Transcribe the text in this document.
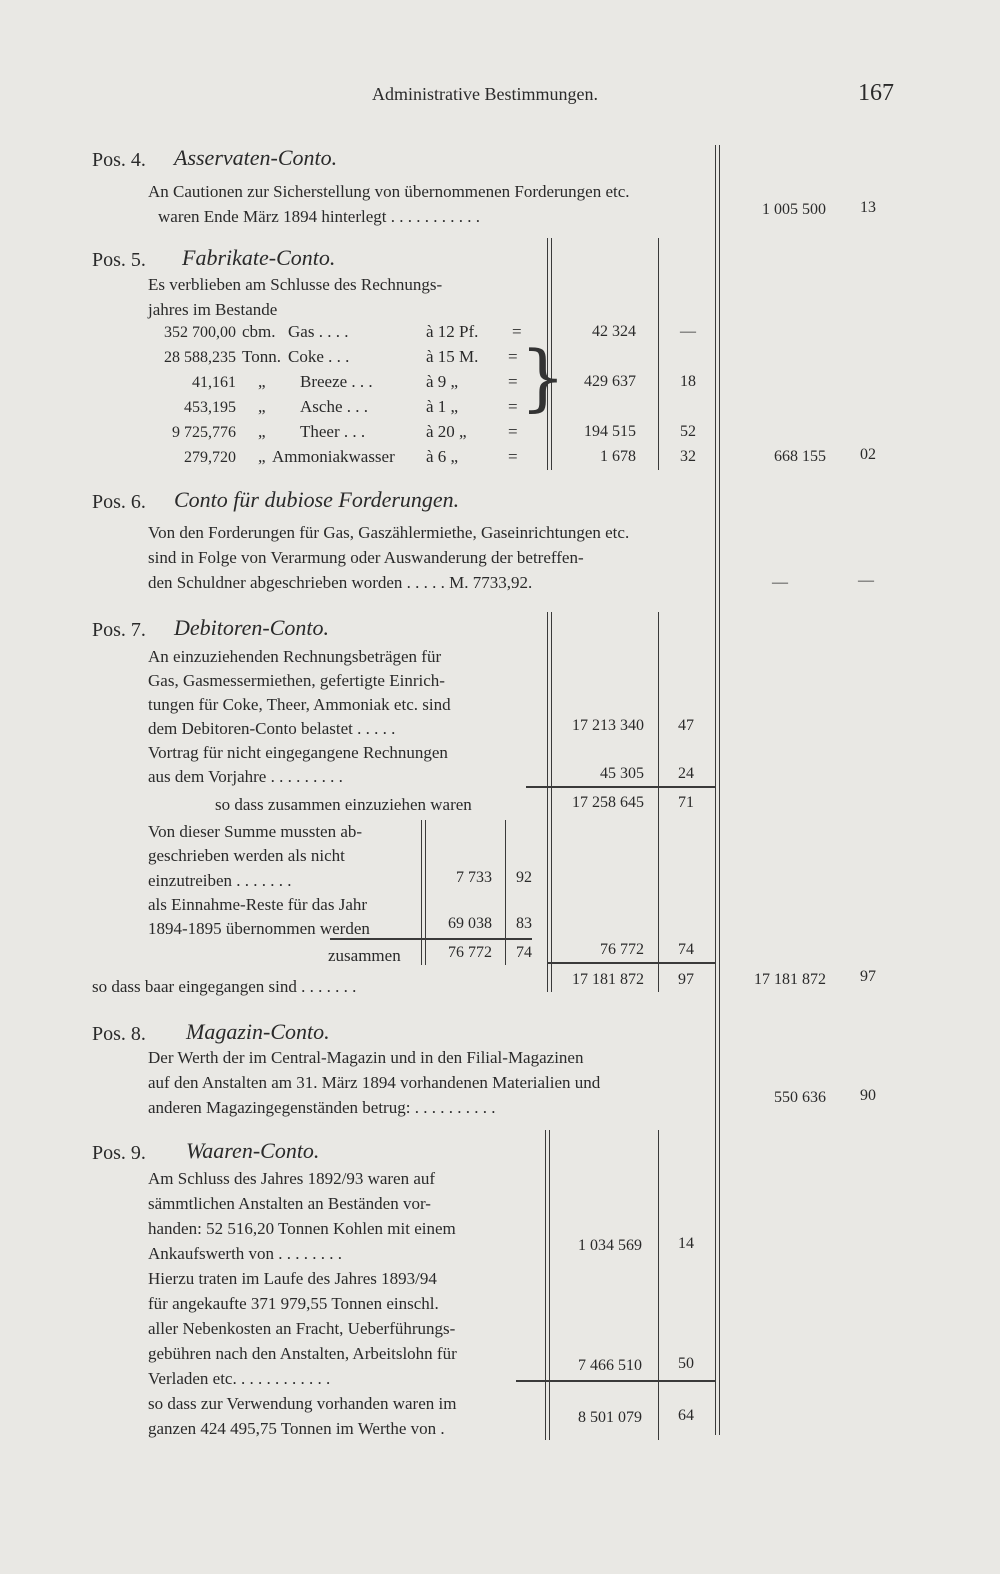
Administrative Bestimmungen.	167
Pos. 4. Asservaten-Conto.
An Cautionen zur Sicherstellung von übernommenen Forderungen etc.
waren Ende März 1894 hinterlegt . . . . . . . . . . .	1 005 500 13
Pos. 5. Fabrikate-Conto.
Es verblieben am Schlusse des Rechnungs-
jahres im Bestande
352 700,00 cbm. Gas . . . .	à 12 Pf. =	42 324	—
28 588,235 Tonn. Coke . . .	à 15 M. =
41,161 „ Breeze . . .	à 9 „	=	429 637	18
453,195 „ Asche . . .	à 1 „	= }
9 725,776 „ Theer . . .	à 20 „ =	194 515	52
279,720 „ Ammoniakwasser à 6 „	=	1 678	32	668 155 02
Pos. 6. Conto für dubiose Forderungen.
Von den Forderungen für Gas, Gaszählermiethe, Gaseinrichtungen etc.
sind in Folge von Verarmung oder Auswanderung der betreffen-
den Schuldner abgeschrieben worden . . . . . M. 7733,92.	—	—
Pos. 7. Debitoren-Conto.
An einzuziehenden Rechnungsbeträgen für
Gas, Gasmessermiethen, gefertigte Einrich-
tungen für Coke, Theer, Ammoniak etc. sind
dem Debitoren-Conto belastet . . . . .	17 213 340 47
Vortrag für nicht eingegangene Rechnungen
aus dem Vorjahre . . . . . . . . .	45 305 24
so dass zusammen einzuziehen waren	17 258 645 71
Von dieser Summe mussten ab-
geschrieben werden als nicht
einzutreiben . . . . . . .	7 733 92
als Einnahme-Reste für das Jahr
1894-1895 übernommen werden	69 038 83
zusammen	76 772 74	76 772 74
so dass baar eingegangen sind . . . . . . .	17 181 872 97	17 181 872 97
Pos. 8. Magazin-Conto.
Der Werth der im Central-Magazin und in den Filial-Magazinen
auf den Anstalten am 31. März 1894 vorhandenen Materialien und
anderen Magazingegenständen betrug: . . . . . . . . . .
550 636 90
Pos. 9. Waaren-Conto.
Am Schluss des Jahres 1892/93 waren auf
sämmtlichen Anstalten an Beständen vor-
handen: 52 516,20 Tonnen Kohlen mit einem
Ankaufswerth von . . . . . . . .	1 034 569 14
Hierzu traten im Laufe des Jahres 1893/94
für angekaufte 371 979,55 Tonnen einschl.
aller Nebenkosten an Fracht, Ueberführungs-
gebühren nach den Anstalten, Arbeitslohn für
Verladen etc. . . . . . . . . . . .
7 466 510 50
so dass zur Verwendung vorhanden waren im
ganzen 424 495,75 Tonnen im Werthe von .
8 501 079 64
